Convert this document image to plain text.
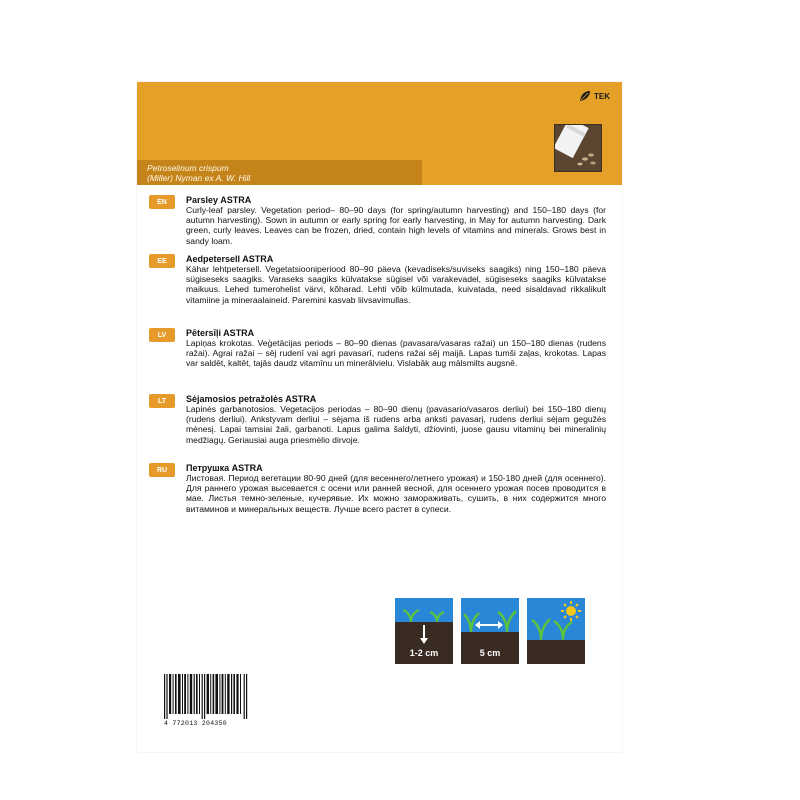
TEK
Petroselinum crispum
(Miller) Nyman ex A. W. Hill
EN	Parsley ASTRA
Curly-leaf parsley. Vegetation period– 80–90 days (for spring/autumn harvesting) and 150–180 days (for autumn harvesting). Sown in autumn or early spring for early harvesting, in May for autumn harvesting. Dark green, curly leaves. Leaves can be frozen, dried, contain high levels of vitamins and minerals. Grows best in sandy loam.
EE	Aedpetersell ASTRA
Kähar lehtpetersell. Vegetatsiooniperiood 80–90 päeva (kevadiseks/suviseks saagiks) ning 150–180 päeva sügiseseks saagiks. Varaseks saagiks külvatakse sügisel või varakevadel, sügiseseks saagiks külvatakse maikuus. Lehed tumerohelist värvi, kõharad. Lehti võib külmutada, kuivatada, need sisaldavad rikkalikult vitamiine ja mineraalaineid. Paremini kasvab liivsavimullas.
LV	Pētersīļi ASTRA
Lapiņas krokotas. Veģetācijas periods – 80–90 dienas (pavasara/vasaras ražai) un 150–180 dienas (rudens ražai). Agrai ražai – sēj rudenī vai agri pavasarī, rudens ražai sēj maijā. Lapas tumši zaļas, krokotas. Lapas var saldēt, kaltēt, tajās daudz vitamīnu un minerālvielu. Vislabāk aug mālsmilts augsnē.
LT	Sėjamosios petražolės ASTRA
Lapinės garbanotosios. Vegetacijos periodas – 80–90 dienų (pavasario/vasaros derliui) bei 150–180 dienų (rudens derliui). Ankstyvam derliui – sėjama iš rudens arba anksti pavasarį, rudens derliui sėjam gegužės mėnesį. Lapai tamsiai žali, garbanoti. Lapus galima šaldyti, džiovinti, juose gausu vitaminų bei mineralinių medžiagų. Geriausiai auga priesmėlio dirvoje.
RU	Петрушка ASTRA
Листовая. Период вегетации 80-90 дней (для весеннего/летнего урожая) и 150-180 дней (для осеннего). Для раннего урожая высевается с осени или ранней весной, для осеннего урожая посев проводится в мае. Листья темно-зеленые, кучерявые. Их можно замораживать, сушить, в них содержится много витаминов и минеральных веществ. Лучше всего растет в супеси.
1-2 cm	5 cm
4 772013 204350
